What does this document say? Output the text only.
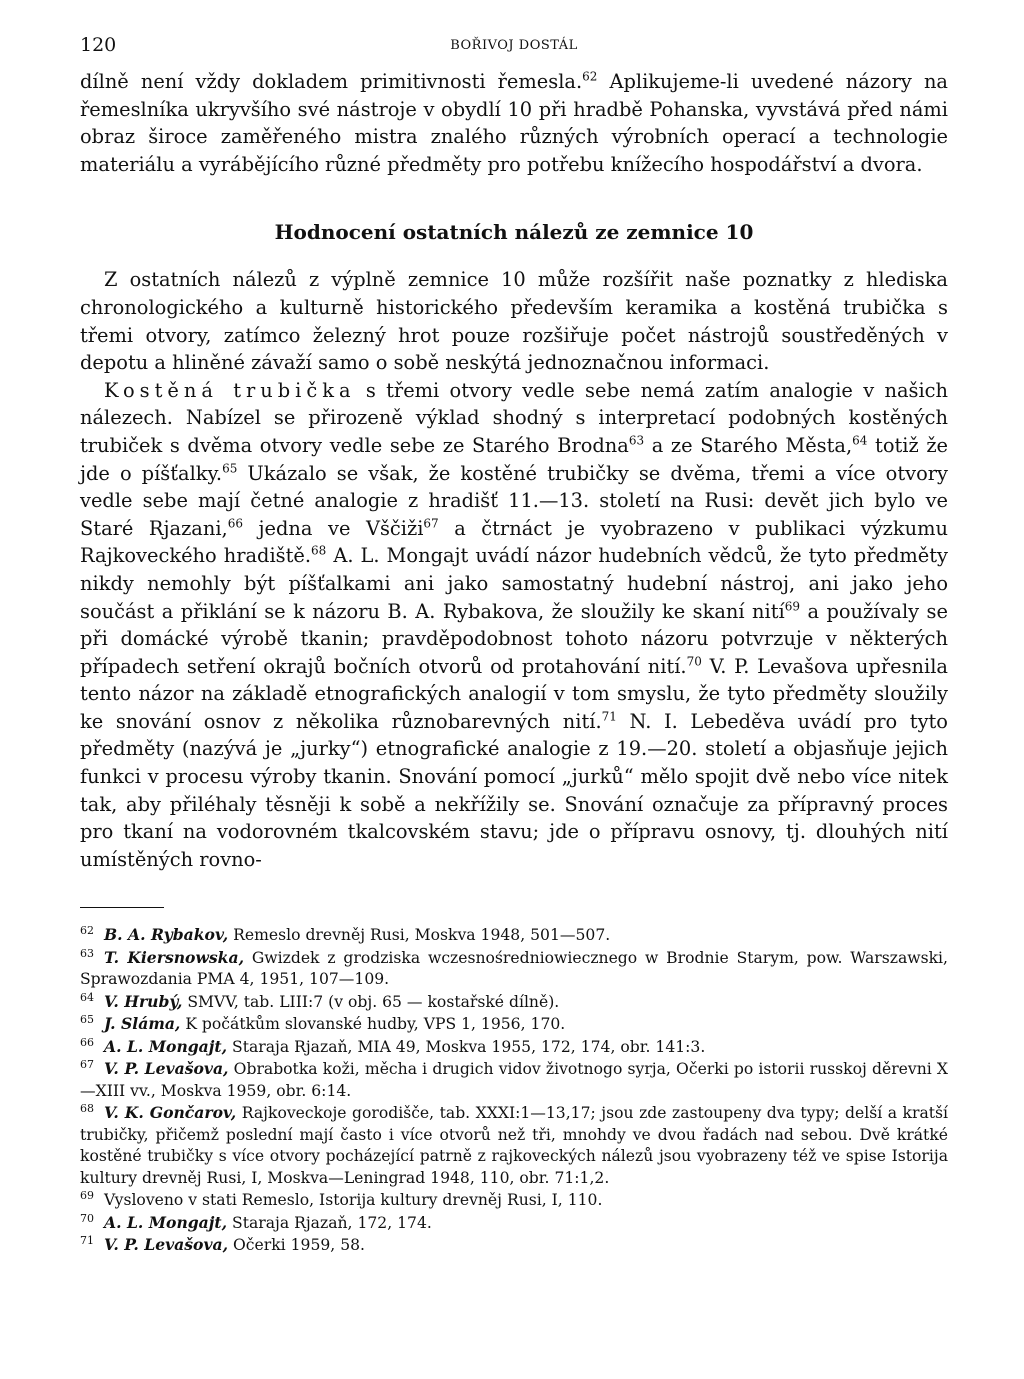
120	BOŘIVOJ DOSTÁL

dílně není vždy dokladem primitivnosti řemesla.$^{62}$ Aplikujeme-li uvedené názory na řemeslníka ukryvšího své nástroje v obydlí 10 při hradbě Pohanska, vyvstává před námi obraz široce zaměřeného mistra znalého různých výrobních operací a technologie materiálu a vyrábějícího různé předměty pro potřebu knížecího hospodářství a dvora.

Hodnocení ostatních nálezů ze zemnice 10

Z ostatních nálezů z výplně zemnice 10 může rozšířit naše poznatky z hlediska chronologického a kulturně historického především keramika a kostěná trubička s třemi otvory, zatímco železný hrot pouze rozšiřuje počet nástrojů soustředěných v depotu a hliněné závaží samo o sobě neskýtá jednoznačnou informaci.

Kostěná trubička s třemi otvory vedle sebe nemá zatím analogie v našich nálezech. Nabízel se přirozeně výklad shodný s interpretací podobných kostěných trubiček s dvěma otvory vedle sebe ze Starého Brodna$^{63}$ a ze Starého Města,$^{64}$ totiž že jde o píšťalky.$^{65}$ Ukázalo se však, že kostěné trubičky se dvěma, třemi a více otvory vedle sebe mají četné analogie z hradišť 11.—13. století na Rusi: devět jich bylo ve Staré Rjazani,$^{66}$ jedna ve Vščiži$^{67}$ a čtrnáct je vyobrazeno v publikaci výzkumu Rajkoveckého hradiště.$^{68}$ A. L. Mongajt uvádí názor hudebních vědců, že tyto předměty nikdy nemohly být píšťalkami ani jako samostatný hudební nástroj, ani jako jeho součást a přiklání se k názoru B. A. Rybakova, že sloužily ke skaní nití$^{69}$ a používaly se při domácké výrobě tkanin; pravděpodobnost tohoto názoru potvrzuje v některých případech setření okrajů bočních otvorů od protahování nití.$^{70}$ V. P. Levašova upřesnila tento názor na základě etnografických analogií v tom smyslu, že tyto předměty sloužily ke snování osnov z několika různobarevných nití.$^{71}$ N. I. Lebeděva uvádí pro tyto předměty (nazývá je „jurky“) etnografické analogie z 19.—20. století a objasňuje jejich funkci v procesu výroby tkanin. Snování pomocí „jurků“ mělo spojit dvě nebo více nitek tak, aby přiléhaly těsněji k sobě a nekřížily se. Snování označuje za přípravný proces pro tkaní na vodorovném tkalcovském stavu; jde o přípravu osnovy, tj. dlouhých nití umístěných rovno-

62 B. A. Rybakov, Remeslo drevněj Rusi, Moskva 1948, 501—507.

63 T. Kiersnowska, Gwizdek z grodziska wczesnośredniowiecznego w Brodnie Starym, pow. Warszawski, Sprawozdania PMA 4, 1951, 107—109.

64 V. Hrubý, SMVV, tab. LIII:7 (v obj. 65 — kostařské dílně).

65 J. Sláma, K počátkům slovanské hudby, VPS 1, 1956, 170.

66 A. L. Mongajt, Staraja Rjazaň, MIA 49, Moskva 1955, 172, 174, obr. 141:3.

67 V. P. Levašova, Obrabotka koži, měcha i drugich vidov životnogo syrja, Očerki po istorii russkoj děrevni X—XIII vv., Moskva 1959, obr. 6:14.

68 V. K. Gončarov, Rajkoveckoje gorodišče, tab. XXXI:1—13,17; jsou zde zastoupeny dva typy; delší a kratší trubičky, přičemž poslední mají často i více otvorů než tři, mnohdy ve dvou řadách nad sebou. Dvě krátké kostěné trubičky s více otvory pocházející patrně z rajkoveckých nálezů jsou vyobrazeny též ve spise Istorija kultury drevněj Rusi, I, Moskva—Leningrad 1948, 110, obr. 71:1,2.

69 Vysloveno v stati Remeslo, Istorija kultury drevněj Rusi, I, 110.

70 A. L. Mongajt, Staraja Rjazaň, 172, 174.

71 V. P. Levašova, Očerki 1959, 58.
